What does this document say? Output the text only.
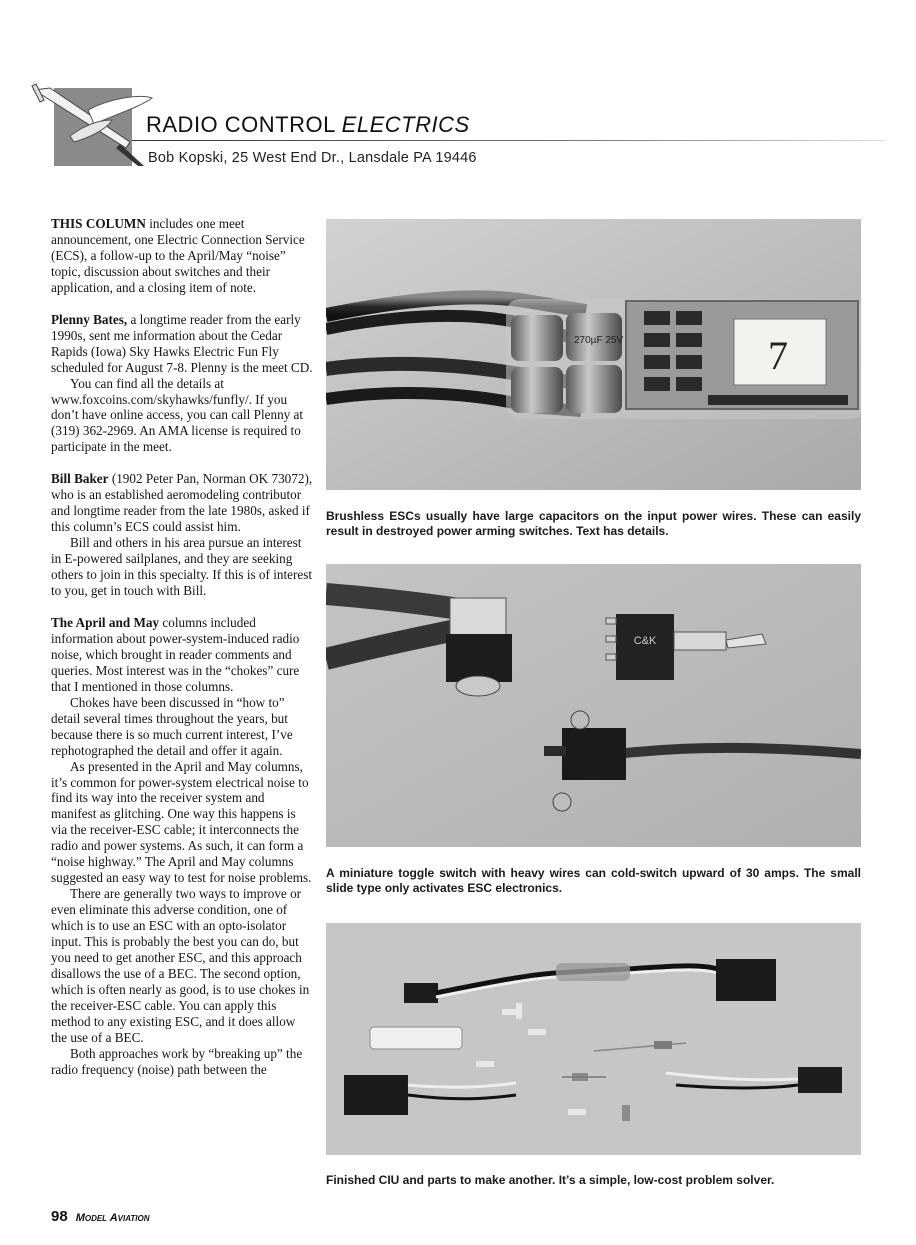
RADIO CONTROL ELECTRICS
Bob Kopski, 25 West End Dr., Lansdale PA 19446

THIS COLUMN includes one meet announcement, one Electric Connection Service (ECS), a follow-up to the April/May “noise” topic, discussion about switches and their application, and a closing item of note.

Plenny Bates, a longtime reader from the early 1990s, sent me information about the Cedar Rapids (Iowa) Sky Hawks Electric Fun Fly scheduled for August 7-8. Plenny is the meet CD.

You can find all the details at www.foxcoins.com/skyhawks/funfly/. If you don’t have online access, you can call Plenny at (319) 362-2969. An AMA license is required to participate in the meet.

Bill Baker (1902 Peter Pan, Norman OK 73072), who is an established aeromodeling contributor and longtime reader from the late 1980s, asked if this column’s ECS could assist him.

Bill and others in his area pursue an interest in E-powered sailplanes, and they are seeking others to join in this specialty. If this is of interest to you, get in touch with Bill.

The April and May columns included information about power-system-induced radio noise, which brought in reader comments and queries. Most interest was in the “chokes” cure that I mentioned in those columns.

Chokes have been discussed in “how to” detail several times throughout the years, but because there is so much current interest, I’ve rephotographed the detail and offer it again.

As presented in the April and May columns, it’s common for power-system electrical noise to find its way into the receiver system and manifest as glitching. One way this happens is via the receiver-ESC cable; it interconnects the radio and power systems. As such, it can form a “noise highway.” The April and May columns suggested an easy way to test for noise problems.

There are generally two ways to improve or even eliminate this adverse condition, one of which is to use an ESC with an opto-isolator input. This is probably the best you can do, but you need to get another ESC, and this approach disallows the use of a BEC. The second option, which is often nearly as good, is to use chokes in the receiver-ESC cable. You can apply this method to any existing ESC, and it does allow the use of a BEC.

Both approaches work by “breaking up” the radio frequency (noise) path between the

270µF 25V	7
Brushless ESCs usually have large capacitors on the input power wires. These can easily result in destroyed power arming switches. Text has details.
C&K
A miniature toggle switch with heavy wires can cold-switch upward of 30 amps. The small slide type only activates ESC electronics.
Finished CIU and parts to make another. It’s a simple, low-cost problem solver.
98 Model Aviation
